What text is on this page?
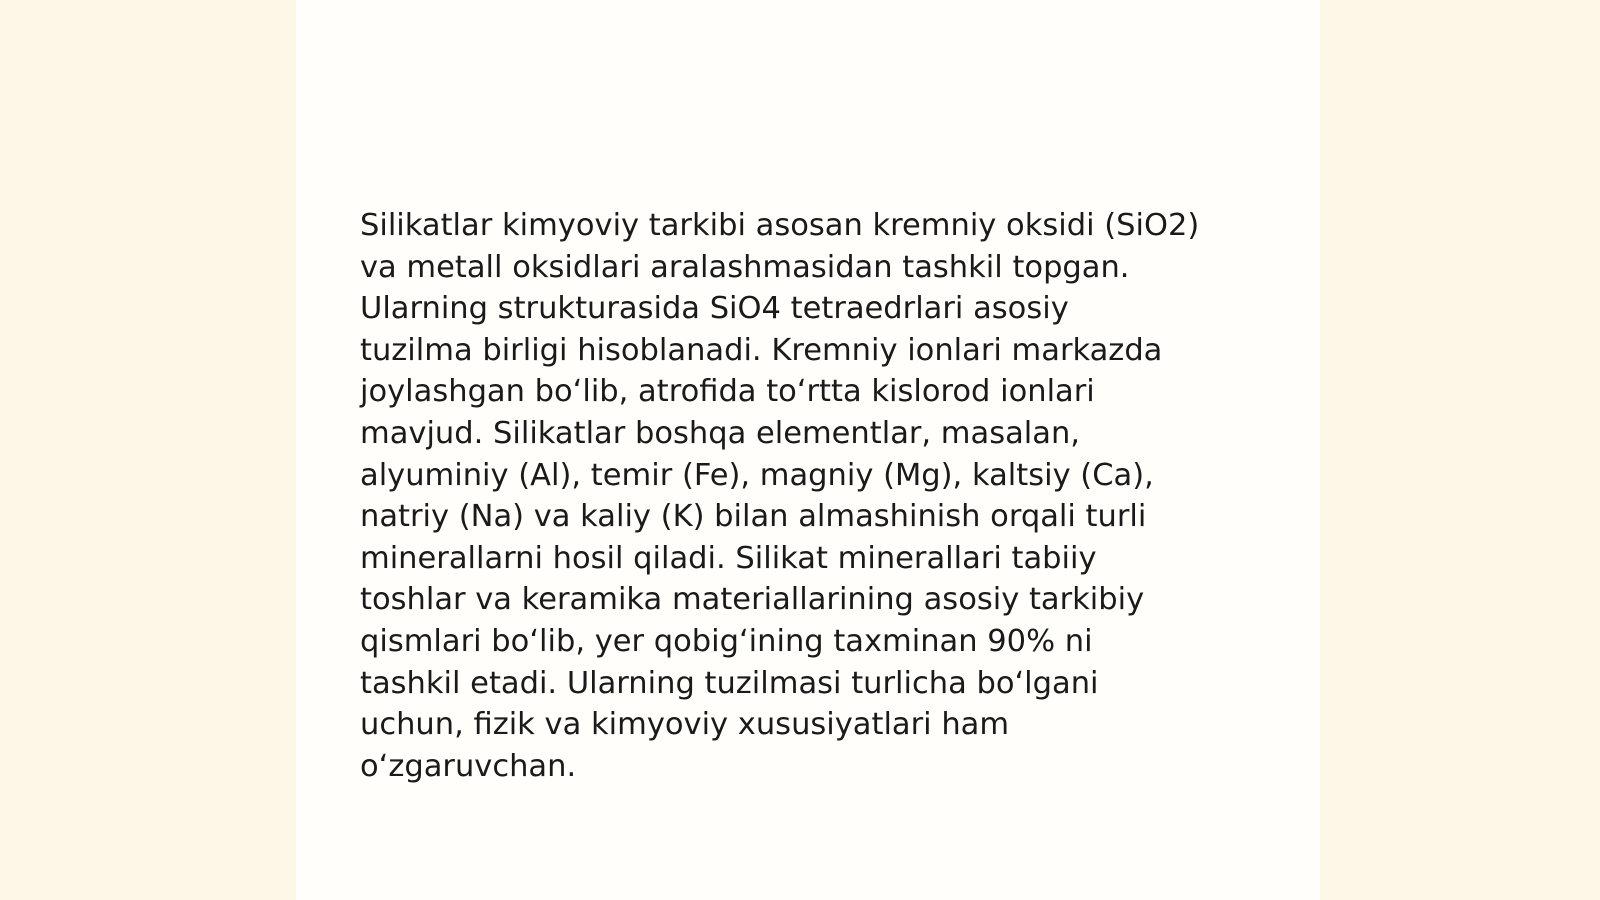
Silikatlar kimyoviy tarkibi asosan kremniy oksidi (SiO2)
va metall oksidlari aralashmasidan tashkil topgan.
Ularning strukturasida SiO4 tetraedrlari asosiy
tuzilma birligi hisoblanadi. Kremniy ionlari markazda
joylashgan bo‘lib, atrofida to‘rtta kislorod ionlari
mavjud. Silikatlar boshqa elementlar, masalan,
alyuminiy (Al), temir (Fe), magniy (Mg), kaltsiy (Ca),
natriy (Na) va kaliy (K) bilan almashinish orqali turli
minerallarni hosil qiladi. Silikat minerallari tabiiy
toshlar va keramika materiallarining asosiy tarkibiy
qismlari bo‘lib, yer qobig‘ining taxminan 90% ni
tashkil etadi. Ularning tuzilmasi turlicha bo‘lgani
uchun, fizik va kimyoviy xususiyatlari ham
o‘zgaruvchan.
